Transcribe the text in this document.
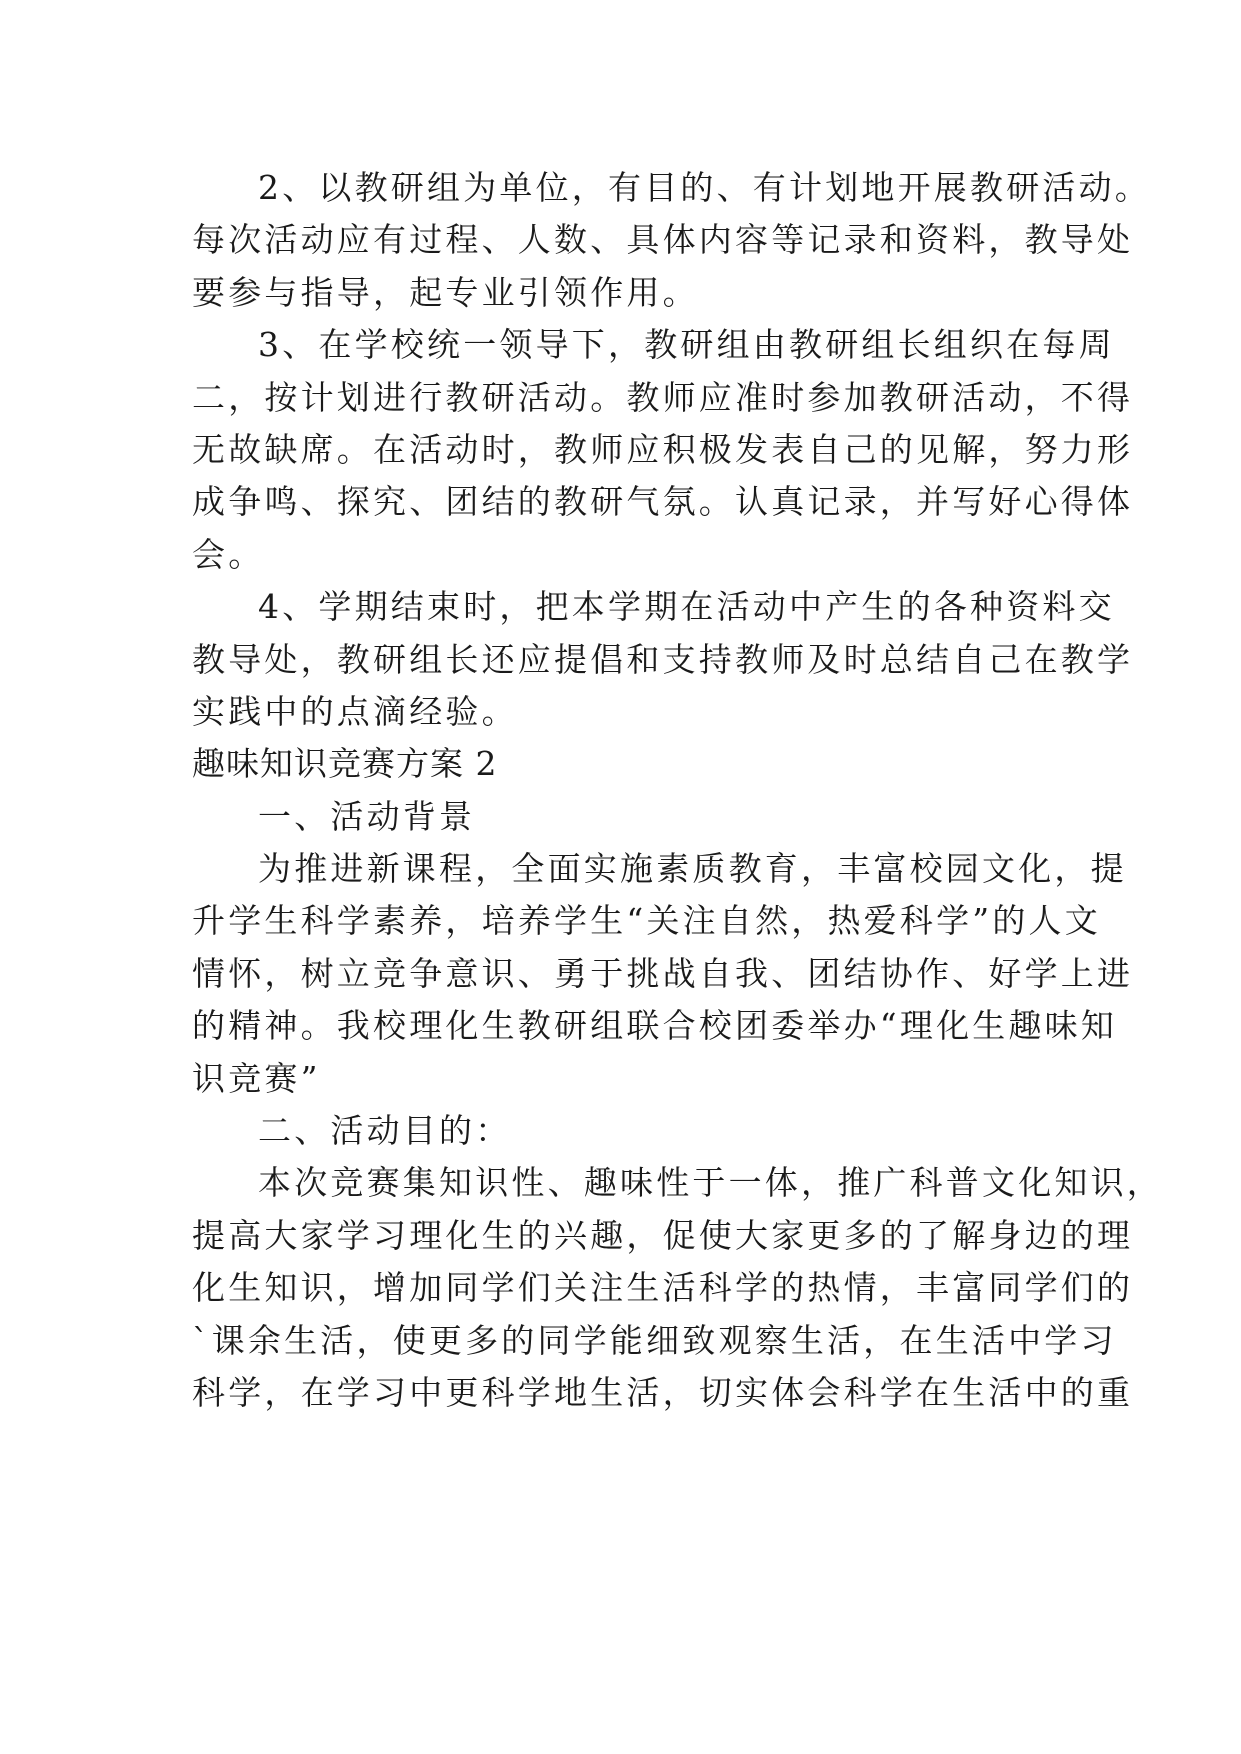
2、以教研组为单位，有目的、有计划地开展教研活动。
每次活动应有过程、人数、具体内容等记录和资料，教导处
要参与指导，起专业引领作用。
3、在学校统一领导下，教研组由教研组长组织在每周
二，按计划进行教研活动。教师应准时参加教研活动，不得
无故缺席。在活动时，教师应积极发表自己的见解，努力形
成争鸣、探究、团结的教研气氛。认真记录，并写好心得体
会。
4、学期结束时，把本学期在活动中产生的各种资料交
教导处，教研组长还应提倡和支持教师及时总结自己在教学
实践中的点滴经验。
趣味知识竞赛方案 2
一、活动背景
为推进新课程，全面实施素质教育，丰富校园文化，提
升学生科学素养，培养学生“关注自然，热爱科学”的人文
情怀，树立竞争意识、勇于挑战自我、团结协作、好学上进
的精神。我校理化生教研组联合校团委举办“理化生趣味知
识竞赛”
二、活动目的：
本次竞赛集知识性、趣味性于一体，推广科普文化知识，
提高大家学习理化生的兴趣，促使大家更多的了解身边的理
化生知识，增加同学们关注生活科学的热情，丰富同学们的
`课余生活，使更多的同学能细致观察生活，在生活中学习
科学，在学习中更科学地生活，切实体会科学在生活中的重
